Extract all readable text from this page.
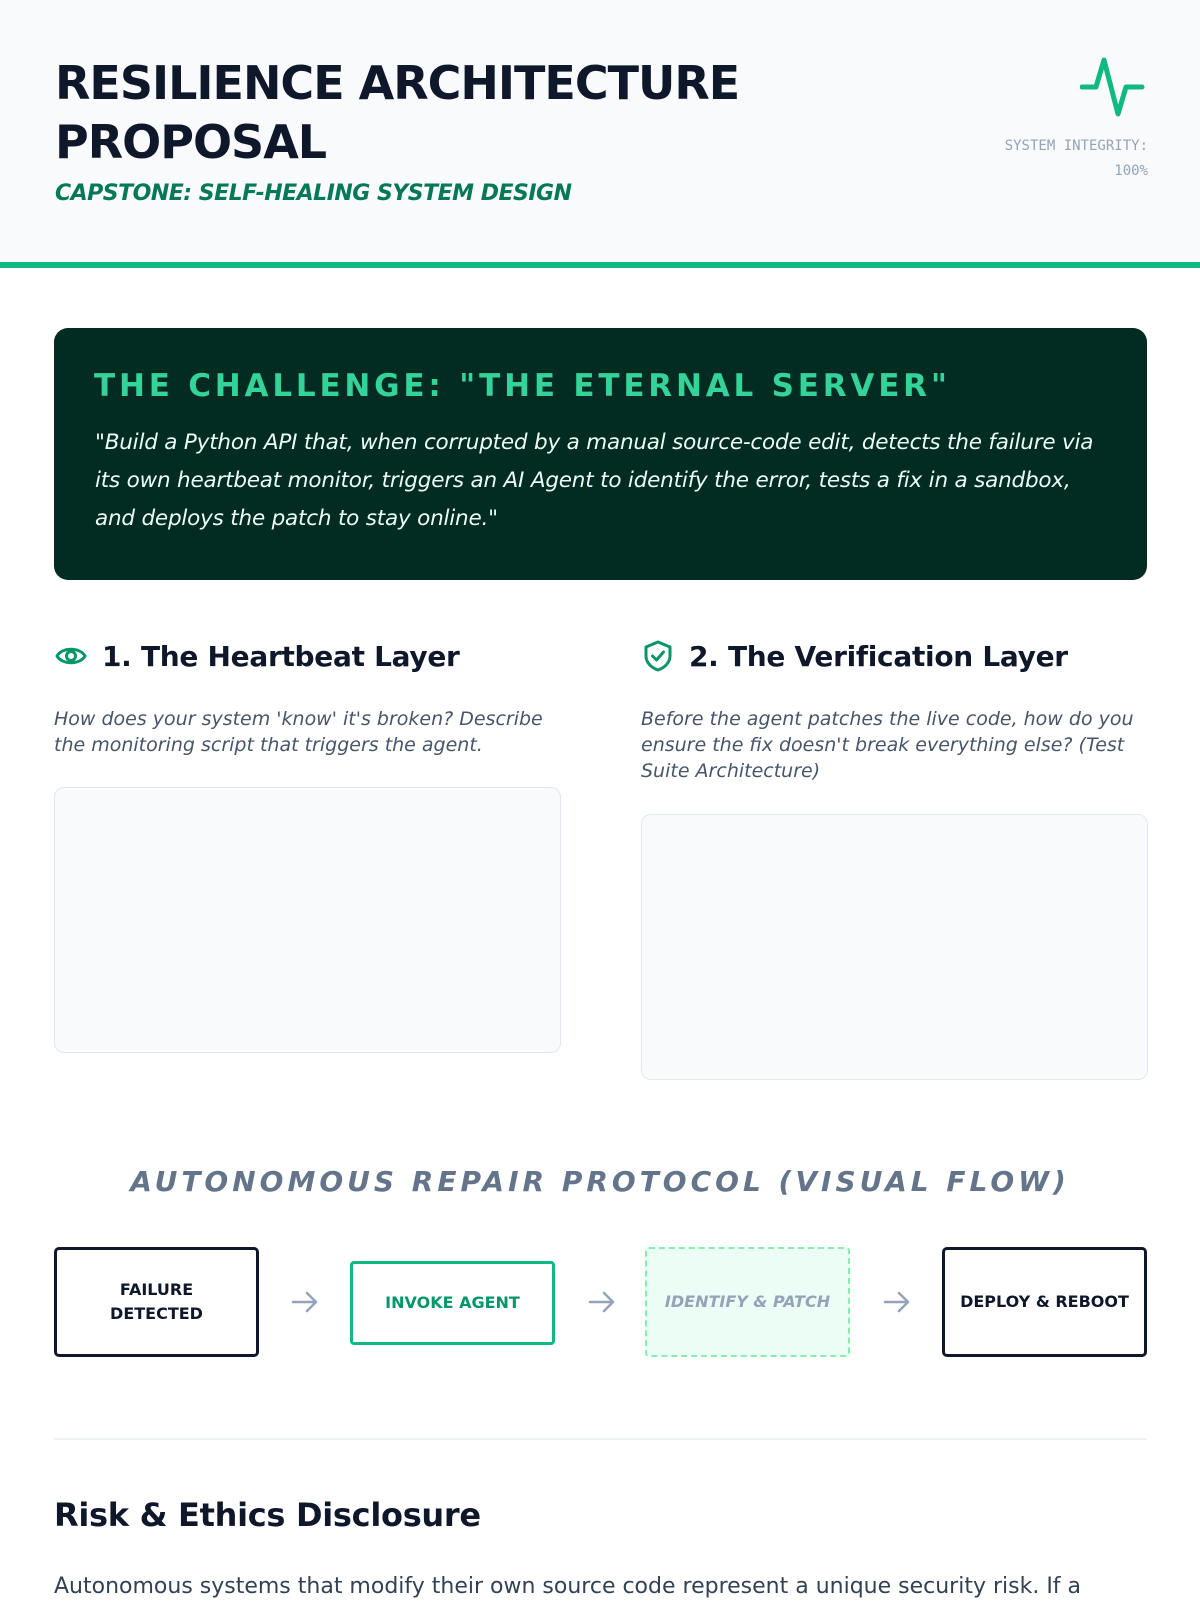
RESILIENCE ARCHITECTURE PROPOSAL
CAPSTONE: SELF-HEALING SYSTEM DESIGN
SYSTEM INTEGRITY:
100%
THE CHALLENGE: "THE ETERNAL SERVER"
"Build a Python API that, when corrupted by a manual source-code edit, detects the failure via its own heartbeat monitor, triggers an AI Agent to identify the error, tests a fix in a sandbox, and deploys the patch to stay online."
1. The Heartbeat Layer
How does your system 'know' it's broken? Describe the monitoring script that triggers the agent.
2. The Verification Layer
Before the agent patches the live code, how do you ensure the fix doesn't break everything else? (Test Suite Architecture)
AUTONOMOUS REPAIR PROTOCOL (VISUAL FLOW)
FAILURE DETECTED
INVOKE AGENT	IDENTIFY & PATCH	DEPLOY & REBOOT
Risk & Ethics Disclosure
Autonomous systems that modify their own source code represent a unique security risk. If a
